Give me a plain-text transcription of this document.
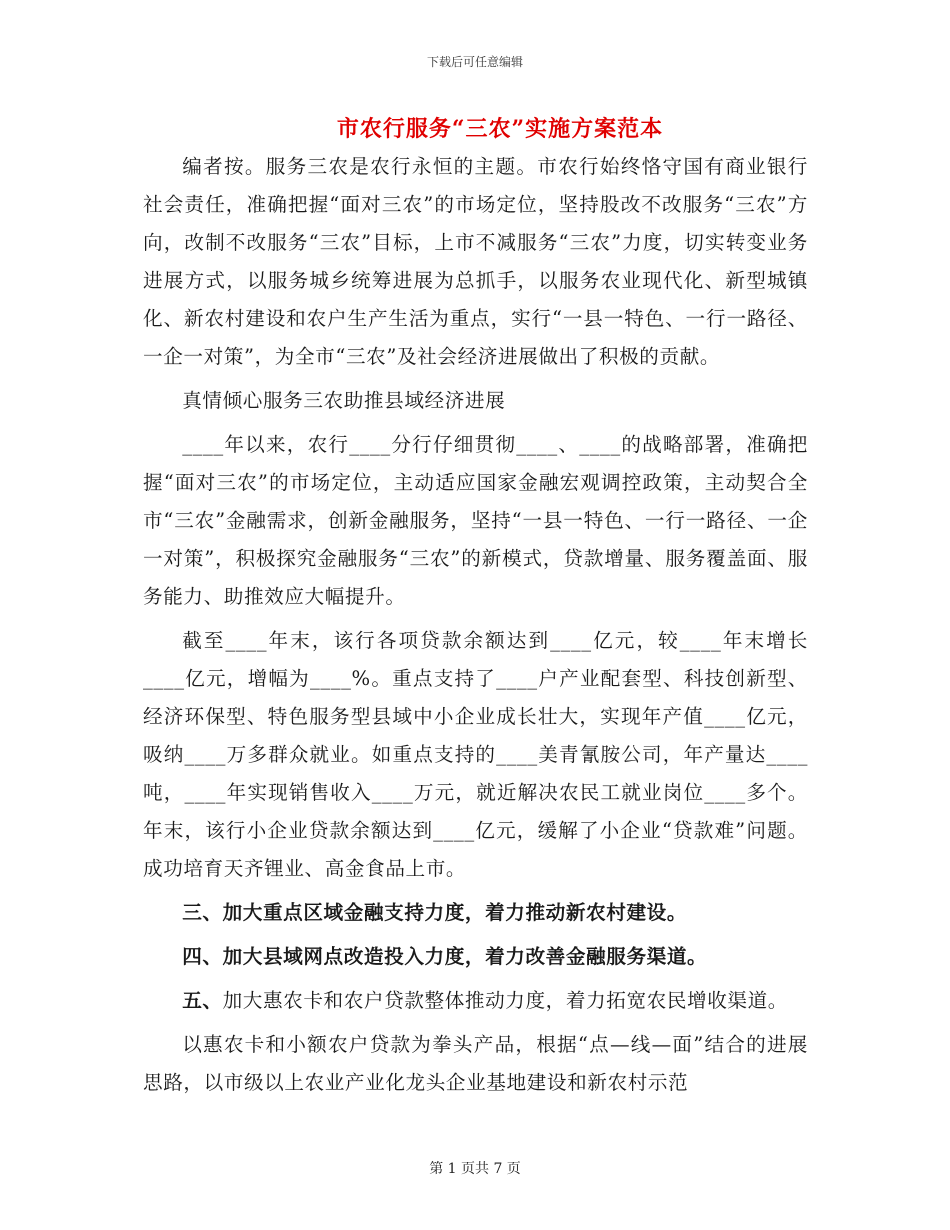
下载后可任意编辑
市农行服务“三农”实施方案范本

编者按。服务三农是农行永恒的主题。市农行始终恪守国有商业银行社会责任，准确把握“面对三农”的市场定位，坚持股改不改服务“三农”方向，改制不改服务“三农”目标，上市不减服务“三农”力度，切实转变业务进展方式，以服务城乡统筹进展为总抓手，以服务农业现代化、新型城镇化、新农村建设和农户生产生活为重点，实行“一县一特色、一行一路径、一企一对策”，为全市“三农”及社会经济进展做出了积极的贡献。

真情倾心服务三农助推县域经济进展

____年以来，农行____分行仔细贯彻____、____的战略部署，准确把握“面对三农”的市场定位，主动适应国家金融宏观调控政策，主动契合全市“三农”金融需求，创新金融服务，坚持“一县一特色、一行一路径、一企一对策”，积极探究金融服务“三农”的新模式，贷款增量、服务覆盖面、服务能力、助推效应大幅提升。

截至____年末，该行各项贷款余额达到____亿元，较____年末增长____亿元，增幅为____%。重点支持了____户产业配套型、科技创新型、经济环保型、特色服务型县域中小企业成长壮大，实现年产值____亿元，吸纳____万多群众就业。如重点支持的____美青氰胺公司，年产量达____吨，____年实现销售收入____万元，就近解决农民工就业岗位____多个。年末，该行小企业贷款余额达到____亿元，缓解了小企业“贷款难”问题。成功培育天齐锂业、高金食品上市。

三、加大重点区域金融支持力度，着力推动新农村建设。

四、加大县域网点改造投入力度，着力改善金融服务渠道。

五、加大惠农卡和农户贷款整体推动力度，着力拓宽农民增收渠道。

以惠农卡和小额农户贷款为拳头产品，根据“点—线—面”结合的进展思路，以市级以上农业产业化龙头企业基地建设和新农村示范

第 1 页共 7 页
